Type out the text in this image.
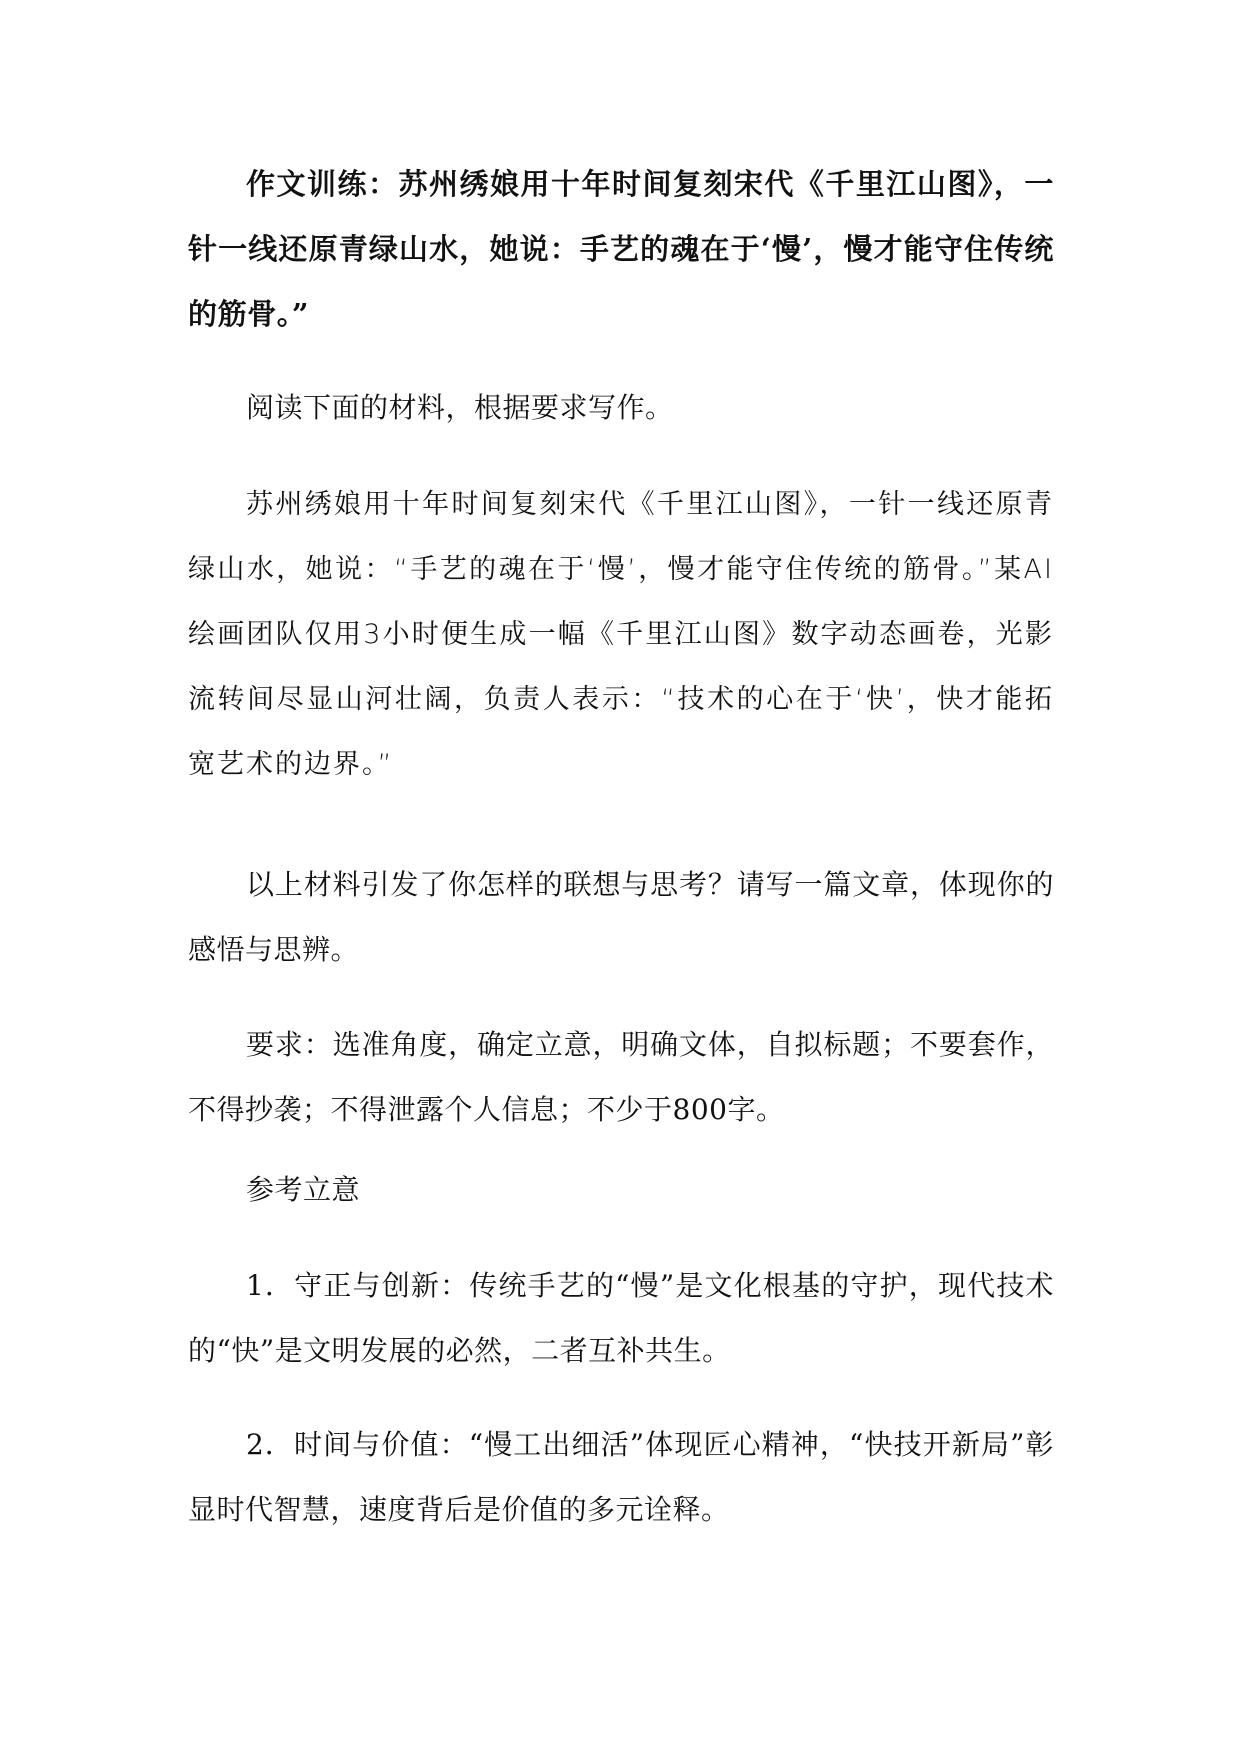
作文训练：苏州绣娘用十年时间复刻宋代《千里江山图》，一针一线还原青绿山水，她说：手艺的魂在于‘慢’，慢才能守住传统的筋骨。”

阅读下面的材料，根据要求写作。

苏州绣娘用十年时间复刻宋代《千里江山图》，一针一线还原青绿山水，她说：“手艺的魂在于‘慢’，慢才能守住传统的筋骨。”某AI绘画团队仅用3小时便生成一幅《千里江山图》数字动态画卷，光影流转间尽显山河壮阔，负责人表示：“技术的心在于‘快’，快才能拓宽艺术的边界。”

以上材料引发了你怎样的联想与思考？请写一篇文章，体现你的感悟与思辨。

要求：选准角度，确定立意，明确文体，自拟标题；不要套作，不得抄袭；不得泄露个人信息；不少于800字。

参考立意

1．守正与创新：传统手艺的“慢”是文化根基的守护，现代技术的“快”是文明发展的必然，二者互补共生。

2．时间与价值：“慢工出细活”体现匠心精神，“快技开新局”彰显时代智慧，速度背后是价值的多元诠释。
